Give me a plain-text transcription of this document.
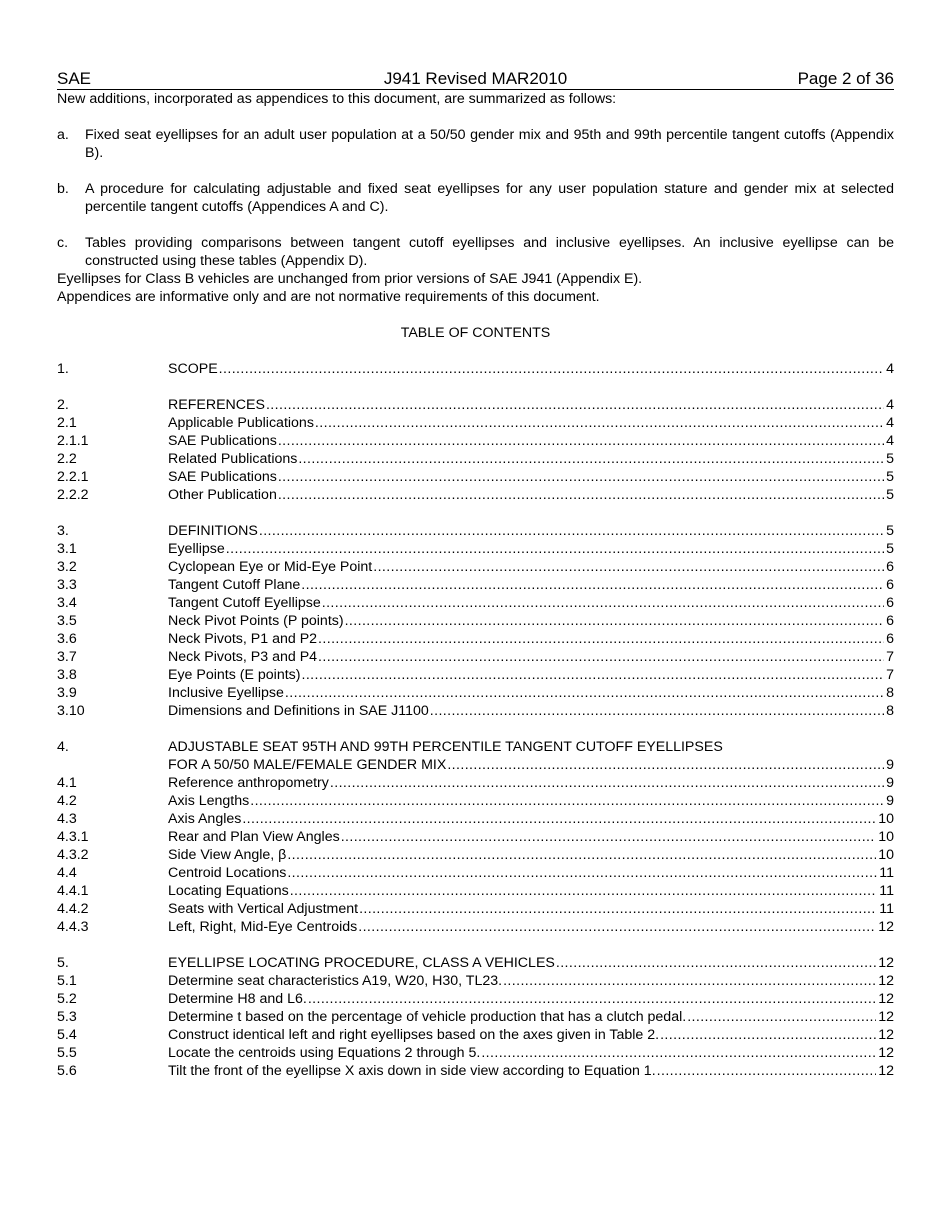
SAE	J941 Revised MAR2010	Page 2 of 36

New additions, incorporated as appendices to this document, are summarized as follows:

a.	Fixed seat eyellipses for an adult user population at a 50/50 gender mix and 95th and 99th percentile tangent cutoffs (Appendix B).
b.	A procedure for calculating adjustable and fixed seat eyellipses for any user population stature and gender mix at selected percentile tangent cutoffs (Appendices A and C).
c.	Tables providing comparisons between tangent cutoff eyellipses and inclusive eyellipses. An inclusive eyellipse can be constructed using these tables (Appendix D).

Eyellipses for Class B vehicles are unchanged from prior versions of SAE J941 (Appendix E).

Appendices are informative only and are not normative requirements of this document.

TABLE OF CONTENTS
1.	SCOPE .....	4
2.	REFERENCES .....	4
2.1	Applicable Publications .....	4
2.1.1	SAE Publications .....	4
2.2	Related Publications .....	5
2.2.1	SAE Publications .....	5
2.2.2	Other Publication .....	5
3.	DEFINITIONS .....	5
3.1	Eyellipse .....	5
3.2	Cyclopean Eye or Mid-Eye Point .....	6
3.3	Tangent Cutoff Plane .....	6
3.4	Tangent Cutoff Eyellipse .....	6
3.5	Neck Pivot Points (P points) .....	6
3.6	Neck Pivots, P1 and P2 .....	6
3.7	Neck Pivots, P3 and P4 .....	7
3.8	Eye Points (E points) .....	7
3.9	Inclusive Eyellipse .....	8
3.10	Dimensions and Definitions in SAE J1100 .....	8
4.	ADJUSTABLE SEAT 95TH AND 99TH PERCENTILE TANGENT CUTOFF EYELLIPSES
FOR A 50/50 MALE/FEMALE GENDER MIX .....	9
4.1	Reference anthropometry .....	9
4.2	Axis Lengths .....	9
4.3	Axis Angles .....	10
4.3.1	Rear and Plan View Angles .....	10
4.3.2	Side View Angle, β .....	10
4.4	Centroid Locations .....	11
4.4.1	Locating Equations .....	11
4.4.2	Seats with Vertical Adjustment .....	11
4.4.3	Left, Right, Mid-Eye Centroids .....	12
5.	EYELLIPSE LOCATING PROCEDURE, CLASS A VEHICLES .....	12
5.1	Determine seat characteristics A19, W20, H30, TL23. .....	12
5.2	Determine H8 and L6. .....	12
5.3	Determine t based on the percentage of vehicle production that has a clutch pedal. .....	12
5.4	Construct identical left and right eyellipses based on the axes given in Table 2. .....	12
5.5	Locate the centroids using Equations 2 through 5. .....	12
5.6	Tilt the front of the eyellipse X axis down in side view according to Equation 1. .....	12
